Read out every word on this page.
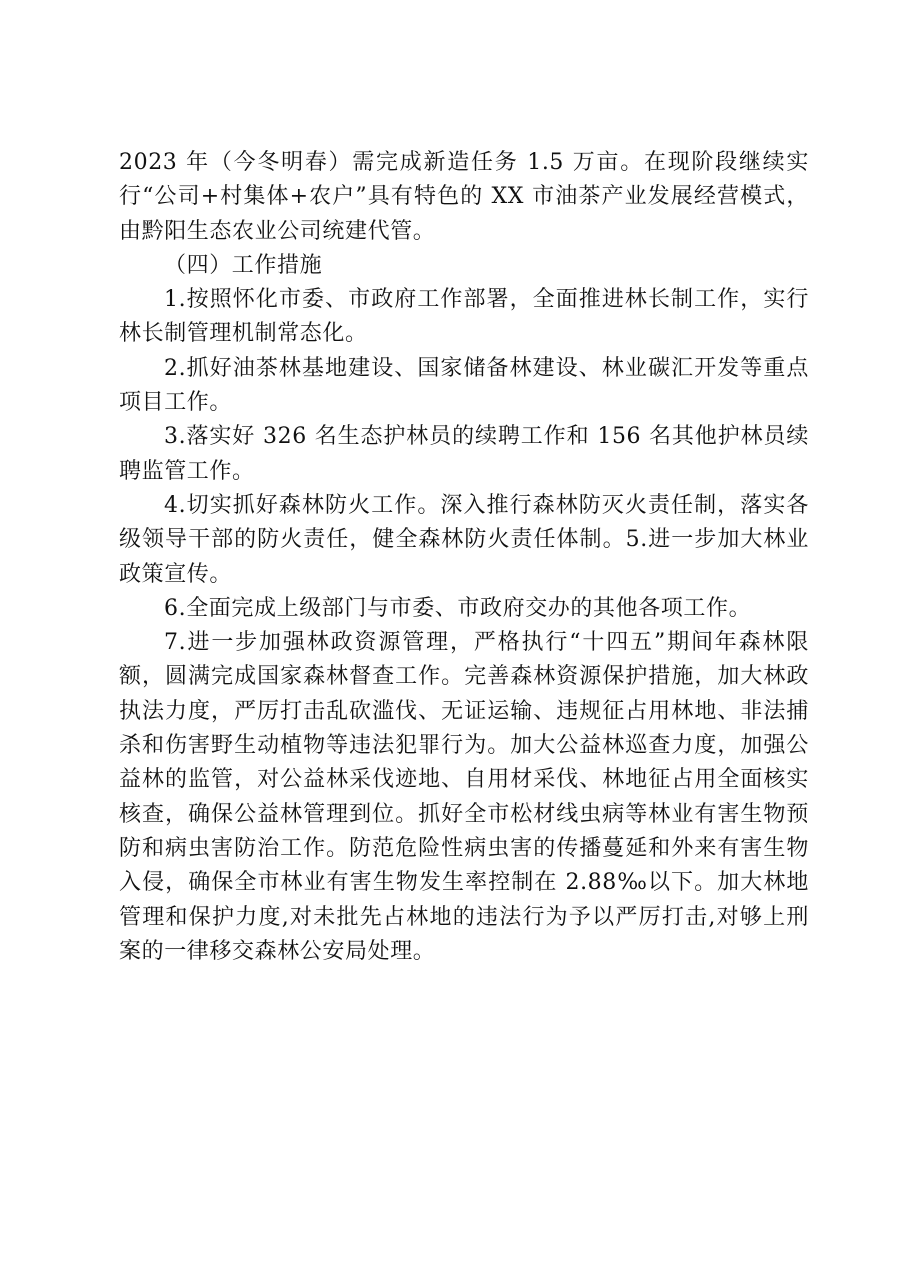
2023 年（今冬明春）需完成新造任务 1.5 万亩。在现阶段继续实行“公司+村集体+农户”具有特色的 XX 市油茶产业发展经营模式，由黔阳生态农业公司统建代管。

（四）工作措施

1.按照怀化市委、市政府工作部署，全面推进林长制工作，实行林长制管理机制常态化。

2.抓好油茶林基地建设、国家储备林建设、林业碳汇开发等重点项目工作。

3.落实好 326 名生态护林员的续聘工作和 156 名其他护林员续聘监管工作。

4.切实抓好森林防火工作。深入推行森林防灭火责任制，落实各级领导干部的防火责任，健全森林防火责任体制。5.进一步加大林业政策宣传。

6.全面完成上级部门与市委、市政府交办的其他各项工作。

7.进一步加强林政资源管理，严格执行“十四五”期间年森林限额，圆满完成国家森林督查工作。完善森林资源保护措施，加大林政执法力度，严厉打击乱砍滥伐、无证运输、违规征占用林地、非法捕杀和伤害野生动植物等违法犯罪行为。加大公益林巡查力度，加强公益林的监管，对公益林采伐迹地、自用材采伐、林地征占用全面核实核查，确保公益林管理到位。抓好全市松材线虫病等林业有害生物预防和病虫害防治工作。防范危险性病虫害的传播蔓延和外来有害生物入侵，确保全市林业有害生物发生率控制在 2.88‰以下。加大林地管理和保护力度,对未批先占林地的违法行为予以严厉打击,对够上刑案的一律移交森林公安局处理。
